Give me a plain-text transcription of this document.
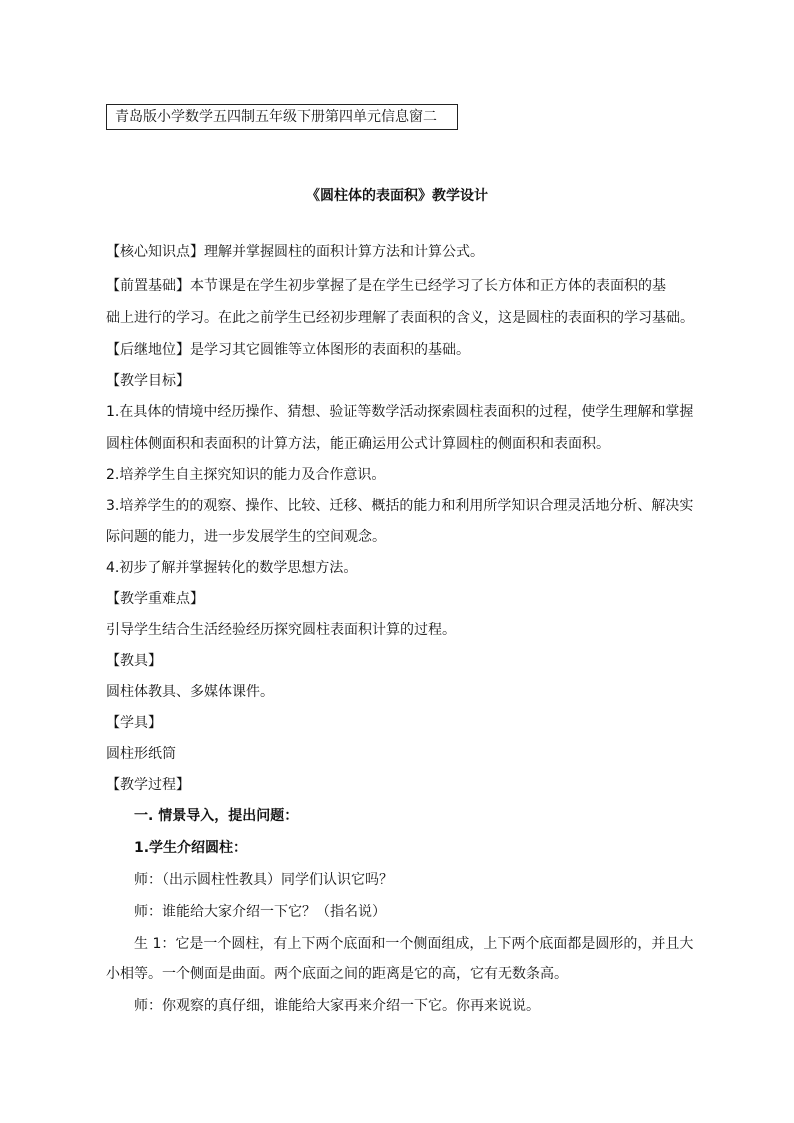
青岛版小学数学五四制五年级下册第四单元信息窗二
《圆柱体的表面积》教学设计
【核心知识点】理解并掌握圆柱的面积计算方法和计算公式。
【前置基础】本节课是在学生初步掌握了是在学生已经学习了长方体和正方体的表面积的基
础上进行的学习。在此之前学生已经初步理解了表面积的含义，这是圆柱的表面积的学习基础。
【后继地位】是学习其它圆锥等立体图形的表面积的基础。
【教学目标】
1.在具体的情境中经历操作、猜想、验证等数学活动探索圆柱表面积的过程，使学生理解和掌握
圆柱体侧面积和表面积的计算方法，能正确运用公式计算圆柱的侧面积和表面积。
2.培养学生自主探究知识的能力及合作意识。
3.培养学生的的观察、操作、比较、迁移、概括的能力和利用所学知识合理灵活地分析、解决实
际问题的能力，进一步发展学生的空间观念。
4.初步了解并掌握转化的数学思想方法。
【教学重难点】
引导学生结合生活经验经历探究圆柱表面积计算的过程。
【教具】
圆柱体教具、多媒体课件。
【学具】
圆柱形纸筒
【教学过程】
一. 情景导入，提出问题：
1.学生介绍圆柱：
师：（出示圆柱性教具）同学们认识它吗？
师：谁能给大家介绍一下它？（指名说）
生 1：它是一个圆柱，有上下两个底面和一个侧面组成，上下两个底面都是圆形的，并且大
小相等。一个侧面是曲面。两个底面之间的距离是它的高，它有无数条高。
师：你观察的真仔细，谁能给大家再来介绍一下它。你再来说说。
